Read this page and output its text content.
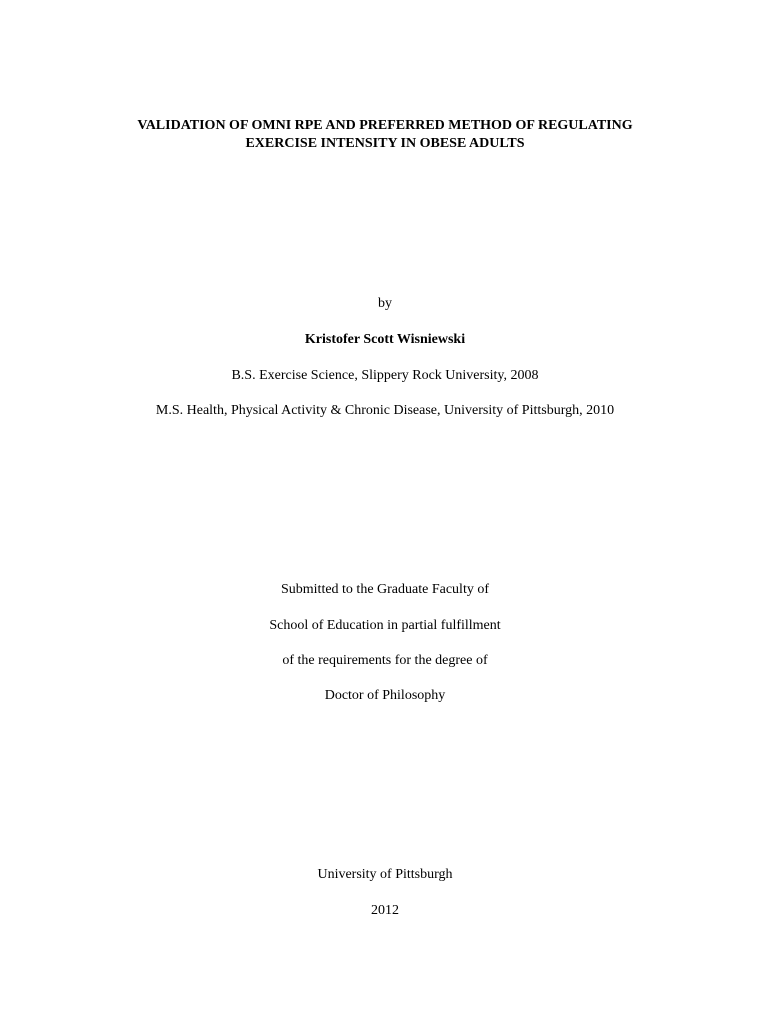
VALIDATION OF OMNI RPE AND PREFERRED METHOD OF REGULATING
EXERCISE INTENSITY IN OBESE ADULTS
by
Kristofer Scott Wisniewski
B.S. Exercise Science, Slippery Rock University, 2008
M.S. Health, Physical Activity & Chronic Disease, University of Pittsburgh, 2010
Submitted to the Graduate Faculty of
School of Education in partial fulfillment
of the requirements for the degree of
Doctor of Philosophy
University of Pittsburgh
2012
